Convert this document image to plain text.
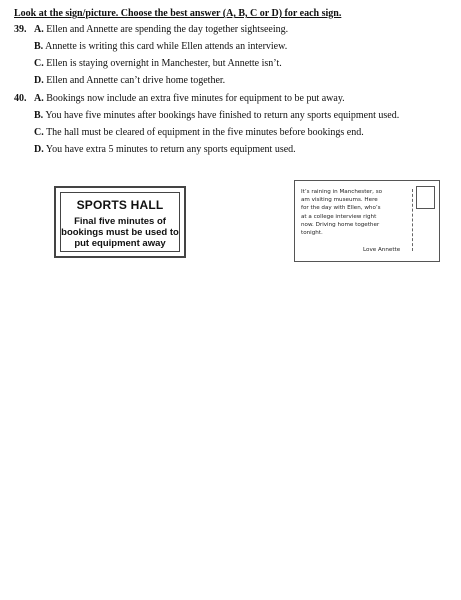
Look at the sign/picture. Choose the best answer (A, B, C or D) for each sign.
39. A. Ellen and Annette are spending the day together sightseeing.
B. Annette is writing this card while Ellen attends an interview.
C. Ellen is staying overnight in Manchester, but Annette isn’t.
D. Ellen and Annette can’t drive home together.
40. A. Bookings now include an extra five minutes for equipment to be put away.
B. You have five minutes after bookings have finished to return any sports equipment used.
C. The hall must be cleared of equipment in the five minutes before bookings end.
D. You have extra 5 minutes to return any sports equipment used.
SPORTS HALL
Final five minutes of
bookings must be used to
put equipment away
It’s raining in Manchester, so
am visiting museums. Here
for the day with Ellen, who’s
at a college interview right
now. Driving home together
tonight.
Love Annette
